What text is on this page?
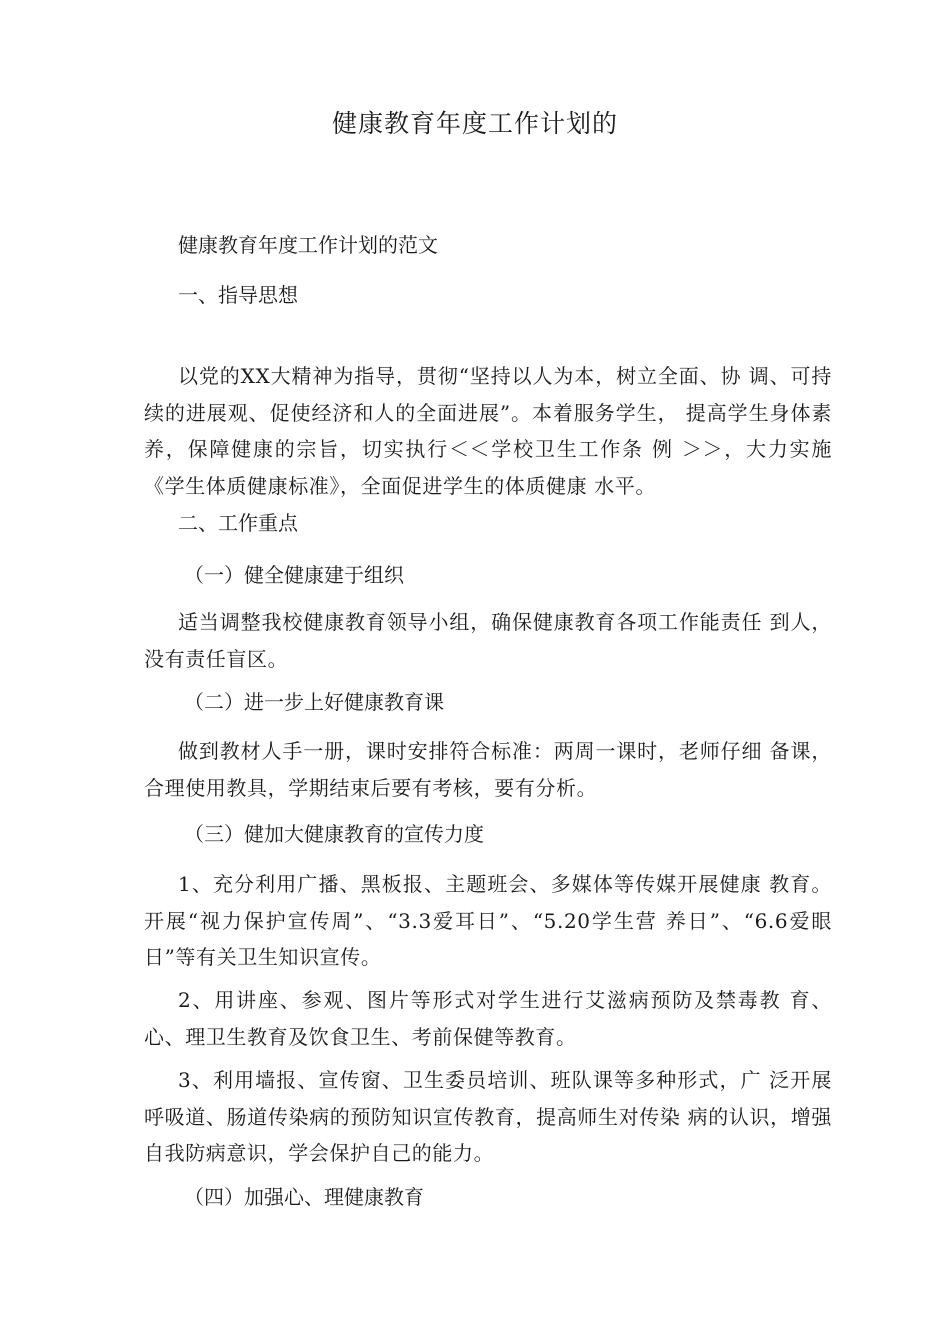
健康教育年度工作计划的

健康教育年度工作计划的范文

一、指导思想

以党的XX大精神为指导，贯彻“坚持以人为本，树立全面、协 调、可持续的进展观、促使经济和人的全面进展”。本着服务学生， 提高学生身体素养，保障健康的宗旨，切实执行＜＜学校卫生工作条 例 ＞＞，大力实施《学生体质健康标准》，全面促进学生的体质健康 水平。

二、工作重点

（一）健全健康建于组织

适当调整我校健康教育领导小组，确保健康教育各项工作能责任 到人，没有责任盲区。

（二）进一步上好健康教育课

做到教材人手一册，课时安排符合标准：两周一课时，老师仔细 备课，合理使用教具，学期结束后要有考核，要有分析。

（三）健加大健康教育的宣传力度

1、充分利用广播、黑板报、主题班会、多媒体等传媒开展健康 教育。开展“视力保护宣传周”、“3.3爱耳日”、“5.20学生营 养日”、“6.6爱眼日”等有关卫生知识宣传。

2、用讲座、参观、图片等形式对学生进行艾滋病预防及禁毒教 育、心、理卫生教育及饮食卫生、考前保健等教育。

3、利用墙报、宣传窗、卫生委员培训、班队课等多种形式，广 泛开展呼吸道、肠道传染病的预防知识宣传教育，提高师生对传染 病的认识，增强自我防病意识，学会保护自己的能力。

（四）加强心、理健康教育
